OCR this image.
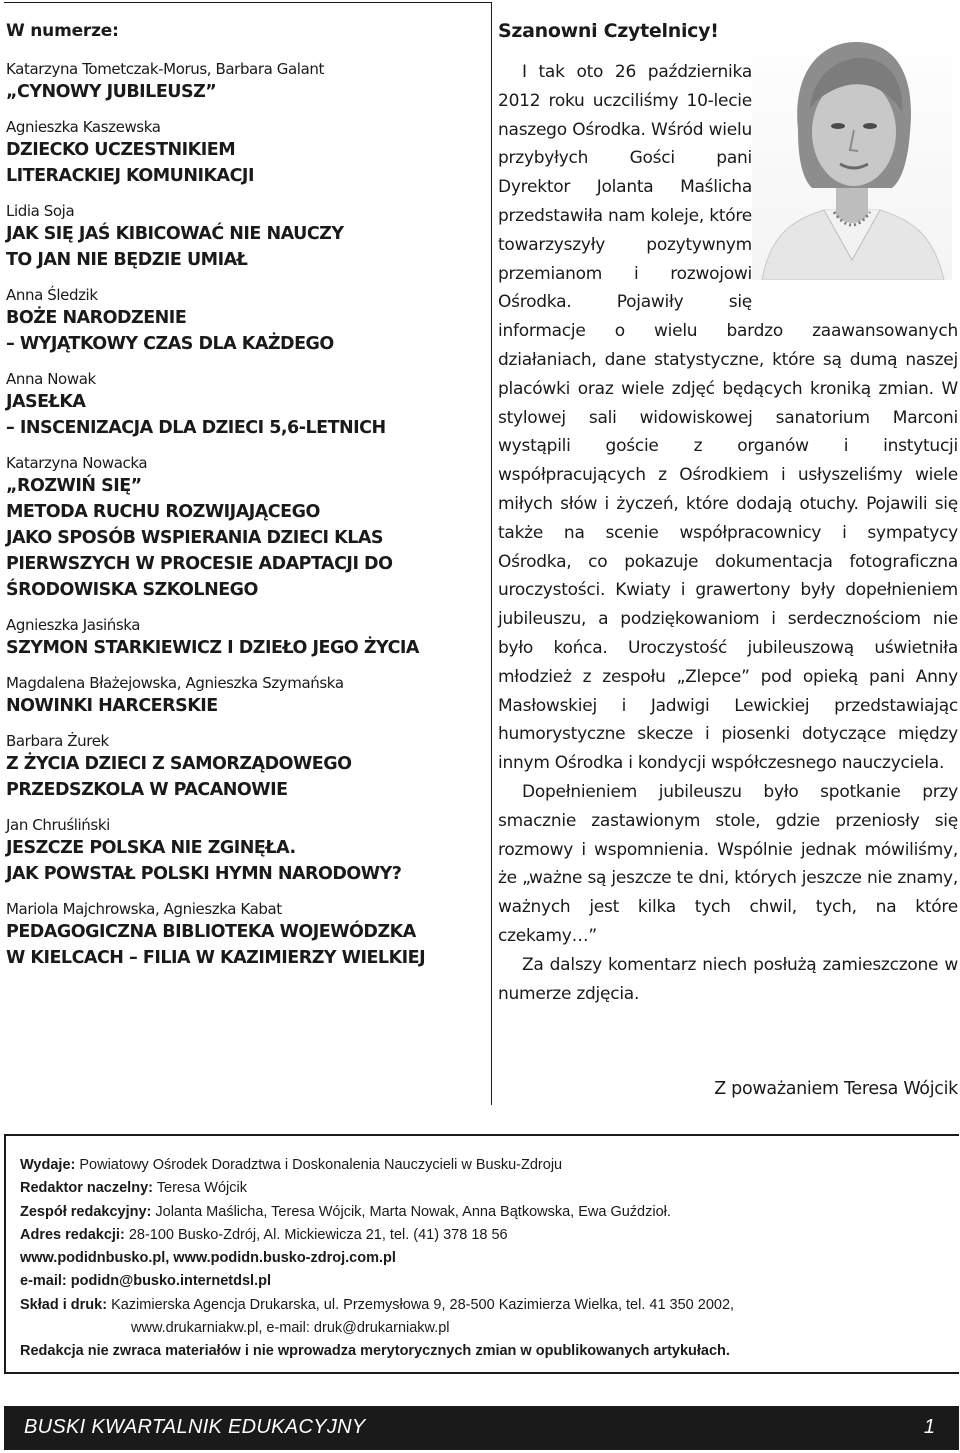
W numerze:
Katarzyna Tometczak-Morus, Barbara Galant
„CYNOWY JUBILEUSZ”
Agnieszka Kaszewska
DZIECKO UCZESTNIKIEM
LITERACKIEJ KOMUNIKACJI
Lidia Soja
JAK SIĘ JAŚ KIBICOWAĆ NIE NAUCZY
TO JAN NIE BĘDZIE UMIAŁ
Anna Śledzik
BOŻE NARODZENIE
– WYJĄTKOWY CZAS DLA KAŻDEGO
Anna Nowak
JASEŁKA
– INSCENIZACJA DLA DZIECI 5,6-LETNICH
Katarzyna Nowacka
„ROZWIŃ SIĘ”
METODA RUCHU ROZWIJAJĄCEGO
JAKO SPOSÓB WSPIERANIA DZIECI KLAS
PIERWSZYCH W PROCESIE ADAPTACJI DO
ŚRODOWISKA SZKOLNEGO
Agnieszka Jasińska
SZYMON STARKIEWICZ I DZIEŁO JEGO ŻYCIA
Magdalena Błażejowska, Agnieszka Szymańska
NOWINKI HARCERSKIE
Barbara Żurek
Z ŻYCIA DZIECI Z SAMORZĄDOWEGO
PRZEDSZKOLA W PACANOWIE
Jan Chruśliński
JESZCZE POLSKA NIE ZGINĘŁA.
JAK POWSTAŁ POLSKI HYMN NARODOWY?
Mariola Majchrowska, Agnieszka Kabat
PEDAGOGICZNA BIBLIOTEKA WOJEWÓDZKA
W KIELCACH – FILIA W KAZIMIERZY WIELKIEJ
Szanowni Czytelnicy!

I tak oto 26 października 2012 roku uczciliśmy 10-lecie naszego Ośrodka. Wśród wielu przybyłych Gości pani Dyrektor Jolanta Maślicha przedstawiła nam koleje, które towarzyszyły pozytywnym przemianom i rozwojowi Ośrodka. Pojawiły się informacje o wielu bardzo zaawansowanych działaniach, dane statystyczne, które są dumą naszej placówki oraz wiele zdjęć będących kroniką zmian. W stylowej sali widowiskowej sanatorium Marconi wystąpili goście z organów i instytucji współpracujących z Ośrodkiem i usłyszeliśmy wiele miłych słów i życzeń, które dodają otuchy. Pojawili się także na scenie współpracownicy i sympatycy Ośrodka, co pokazuje dokumentacja fotograficzna uroczystości. Kwiaty i grawertony były dopełnieniem jubileuszu, a podziękowaniom i serdecznościom nie było końca. Uroczystość jubileuszową uświetniła młodzież z zespołu „Zlepce” pod opieką pani Anny Masłowskiej i Jadwigi Lewickiej przedstawiając humorystyczne skecze i piosenki dotyczące między innym Ośrodka i kondycji współczesnego nauczyciela.

Dopełnieniem jubileuszu było spotkanie przy smacznie zastawionym stole, gdzie przeniosły się rozmowy i wspomnienia. Wspólnie jednak mówiliśmy, że „ważne są jeszcze te dni, których jeszcze nie znamy, ważnych jest kilka tych chwil, tych, na które czekamy…”

Za dalszy komentarz niech posłużą zamieszczone w numerze zdjęcia.

Z poważaniem Teresa Wójcik
Wydaje: Powiatowy Ośrodek Doradztwa i Doskonalenia Nauczycieli w Busku-Zdroju
Redaktor naczelny: Teresa Wójcik
Zespół redakcyjny: Jolanta Maślicha, Teresa Wójcik, Marta Nowak, Anna Bątkowska, Ewa Guździoł.
Adres redakcji: 28-100 Busko-Zdrój, Al. Mickiewicza 21, tel. (41) 378 18 56
www.podidnbusko.pl, www.podidn.busko-zdroj.com.pl
e-mail: podidn@busko.internetdsl.pl
Skład i druk: Kazimierska Agencja Drukarska, ul. Przemysłowa 9, 28-500 Kazimierza Wielka, tel. 41 350 2002,
www.drukarniakw.pl, e-mail: druk@drukarniakw.pl
Redakcja nie zwraca materiałów i nie wprowadza merytorycznych zmian w opublikowanych artykułach.
BUSKI KWARTALNIK EDUKACYJNY	1
